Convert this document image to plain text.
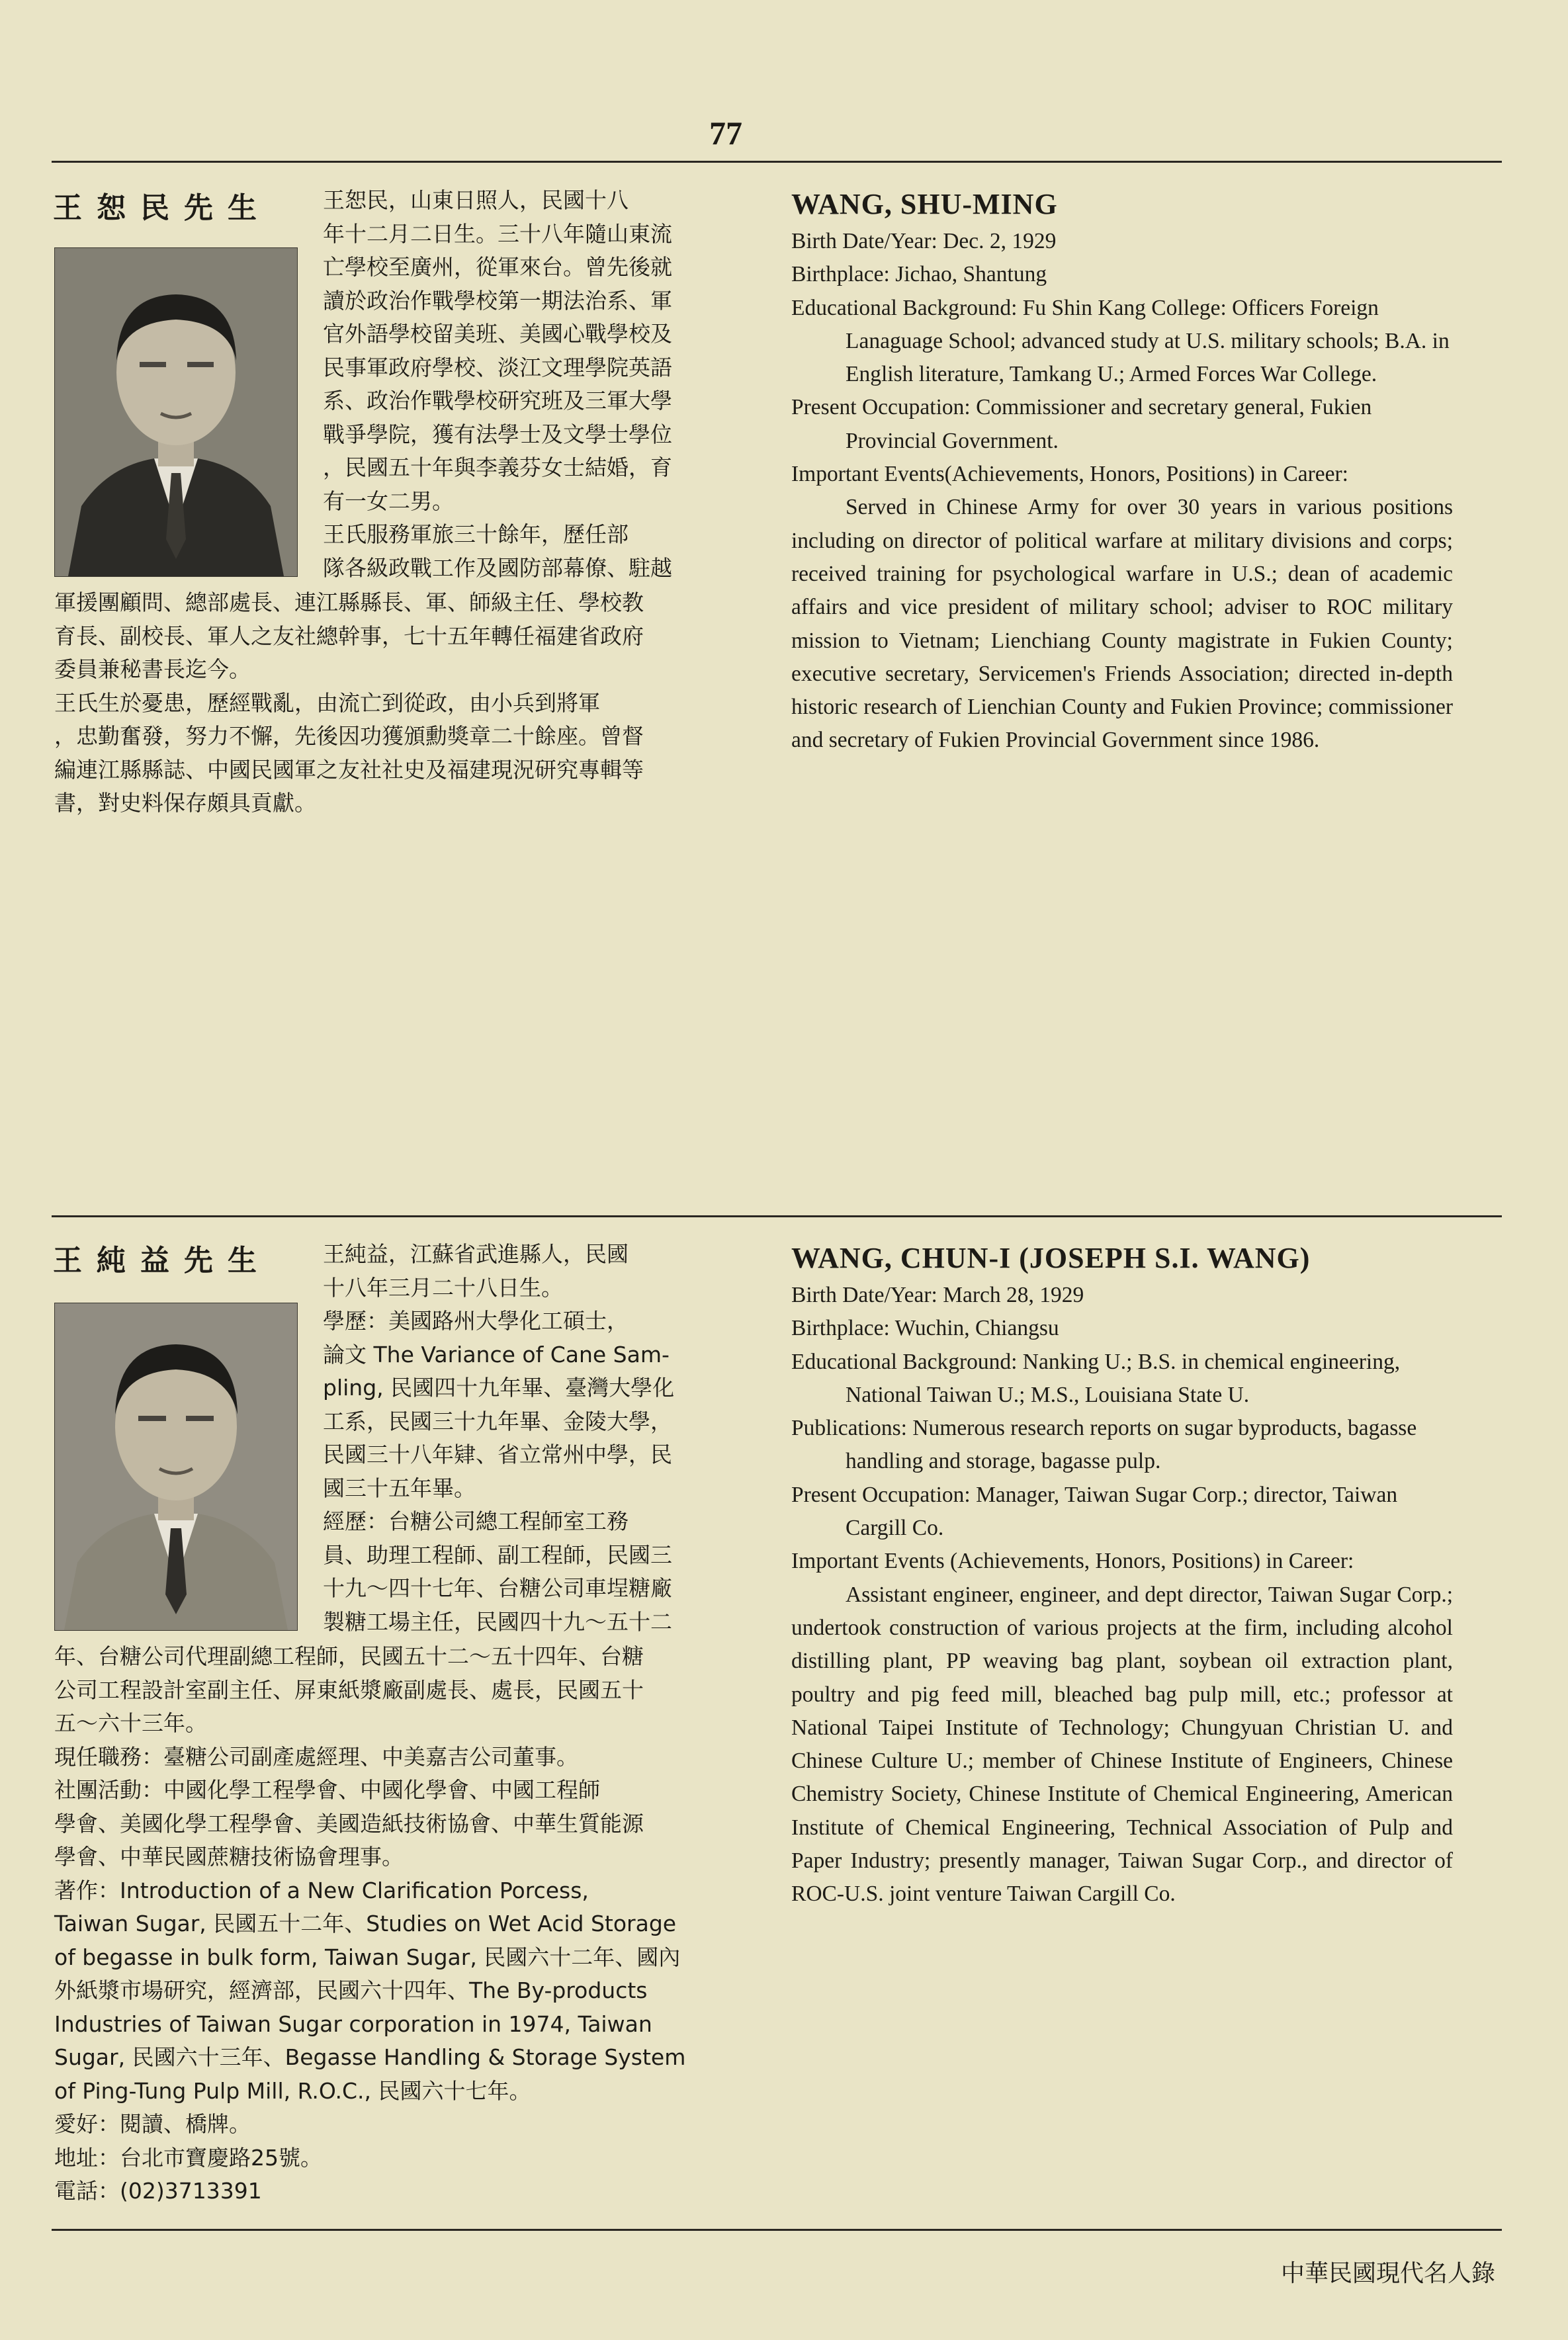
77
王恕民先生 王恕民，山東日照人，民國十八
年十二月二日生。三十八年隨山東流
亡學校至廣州，從軍來台。曾先後就
讀於政治作戰學校第一期法治系、軍
官外語學校留美班、美國心戰學校及
民事軍政府學校、淡江文理學院英語
系、政治作戰學校研究班及三軍大學
戰爭學院，獲有法學士及文學士學位
，民國五十年與李義芬女士結婚，育
有一女二男。
王氏服務軍旅三十餘年，歷任部
隊各級政戰工作及國防部幕僚、駐越
軍援團顧問、總部處長、連江縣縣長、軍、師級主任、學校教
育長、副校長、軍人之友社總幹事，七十五年轉任福建省政府
委員兼秘書長迄今。
王氏生於憂患，歷經戰亂，由流亡到從政，由小兵到將軍
，忠勤奮發，努力不懈，先後因功獲頒勳獎章二十餘座。曾督
編連江縣縣誌、中國民國軍之友社社史及福建現況研究專輯等
書，對史料保存頗具貢獻。
WANG, SHU-MING

Birth Date/Year: Dec. 2, 1929

Birthplace: Jichao, Shantung

Educational Background: Fu Shin Kang College: Officers Foreign Lanaguage School; advanced study at U.S. military schools; B.A. in English literature, Tamkang U.; Armed Forces War College.

Present Occupation: Commissioner and secretary general, Fukien Provincial Government.

Important Events(Achievements, Honors, Positions) in Career:

Served in Chinese Army for over 30 years in various positions including on director of political warfare at military divisions and corps; received training for psychological warfare in U.S.; dean of academic affairs and vice president of military school; adviser to ROC military mission to Vietnam; Lienchiang County magistrate in Fukien County; executive secretary, Servicemen's Friends Association; directed in-depth historic research of Lienchian County and Fukien Province; commissioner and secretary of Fukien Provincial Government since 1986.

王純益先生 王純益，江蘇省武進縣人，民國
十八年三月二十八日生。
學歷：美國路州大學化工碩士，
論文 The Variance of Cane Sam-
pling, 民國四十九年畢、臺灣大學化
工系，民國三十九年畢、金陵大學，
民國三十八年肄、省立常州中學，民
國三十五年畢。
經歷：台糖公司總工程師室工務
員、助理工程師、副工程師，民國三
十九～四十七年、台糖公司車埕糖廠
製糖工場主任，民國四十九～五十二
年、台糖公司代理副總工程師，民國五十二～五十四年、台糖
公司工程設計室副主任、屏東紙漿廠副處長、處長，民國五十
五～六十三年。
現任職務：臺糖公司副產處經理、中美嘉吉公司董事。
社團活動：中國化學工程學會、中國化學會、中國工程師
學會、美國化學工程學會、美國造紙技術協會、中華生質能源
學會、中華民國蔗糖技術協會理事。
著作：Introduction of a New Clarification Porcess,
Taiwan Sugar, 民國五十二年、Studies on Wet Acid Storage
of begasse in bulk form, Taiwan Sugar, 民國六十二年、國內
外紙漿市場研究，經濟部，民國六十四年、The By-products
Industries of Taiwan Sugar corporation in 1974, Taiwan
Sugar, 民國六十三年、Begasse Handling & Storage System
of Ping-Tung Pulp Mill, R.O.C., 民國六十七年。
愛好：閱讀、橋牌。
地址：台北市寶慶路25號。
電話：(02)3713391
WANG, CHUN-I (JOSEPH S.I. WANG)

Birth Date/Year: March 28, 1929

Birthplace: Wuchin, Chiangsu

Educational Background: Nanking U.; B.S. in chemical engineering, National Taiwan U.; M.S., Louisiana State U.

Publications: Numerous research reports on sugar byproducts, bagasse handling and storage, bagasse pulp.

Present Occupation: Manager, Taiwan Sugar Corp.; director, Taiwan Cargill Co.

Important Events (Achievements, Honors, Positions) in Career:

Assistant engineer, engineer, and dept director, Taiwan Sugar Corp.; undertook construction of various projects at the firm, including alcohol distilling plant, PP weaving bag plant, soybean oil extraction plant, poultry and pig feed mill, bleached bag pulp mill, etc.; professor at National Taipei Institute of Technology; Chungyuan Christian U. and Chinese Culture U.; member of Chinese Institute of Engineers, Chinese Chemistry Society, Chinese Institute of Chemical Engineering, American Institute of Chemical Engineering, Technical Association of Pulp and Paper Industry; presently manager, Taiwan Sugar Corp., and director of ROC-U.S. joint venture Taiwan Cargill Co.

中華民國現代名人錄
